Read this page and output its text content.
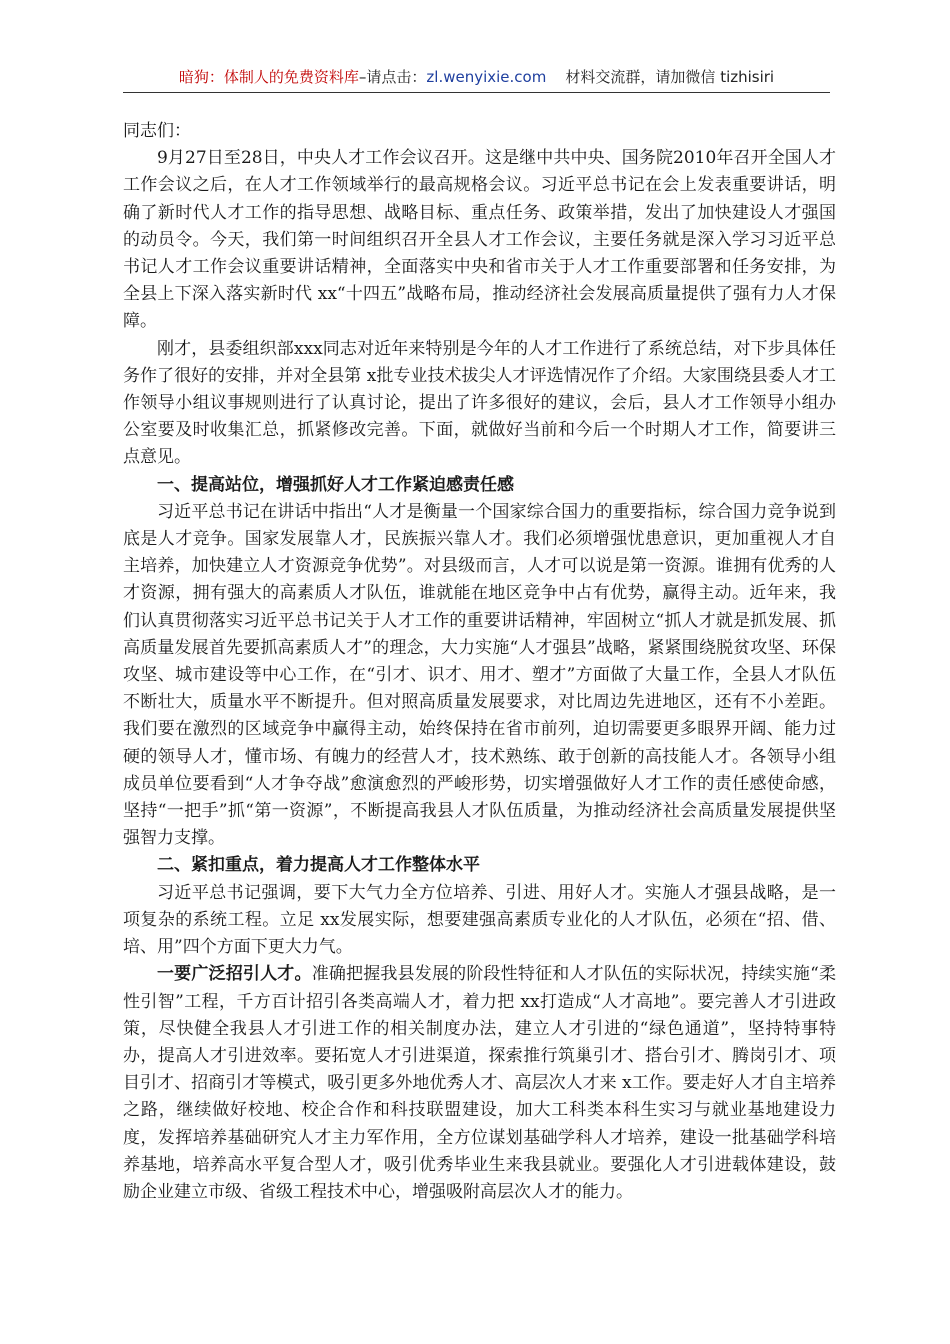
暗狗：体制人的免费资料库–请点击：zl.wenyixie.com 材料交流群，请加微信 tizhisiri

同志们：

9月27日至28日，中央人才工作会议召开。这是继中共中央、国务院2010年召开全国人才工作会议之后，在人才工作领域举行的最高规格会议。习近平总书记在会上发表重要讲话，明确了新时代人才工作的指导思想、战略目标、重点任务、政策举措，发出了加快建设人才强国的动员令。今天，我们第一时间组织召开全县人才工作会议，主要任务就是深入学习习近平总书记人才工作会议重要讲话精神，全面落实中央和省市关于人才工作重要部署和任务安排，为全县上下深入落实新时代 xx“十四五”战略布局，推动经济社会发展高质量提供了强有力人才保障。

刚才，县委组织部xxx同志对近年来特别是今年的人才工作进行了系统总结，对下步具体任务作了很好的安排，并对全县第 x批专业技术拔尖人才评选情况作了介绍。大家围绕县委人才工作领导小组议事规则进行了认真讨论，提出了许多很好的建议，会后，县人才工作领导小组办公室要及时收集汇总，抓紧修改完善。下面，就做好当前和今后一个时期人才工作，简要讲三点意见。

一、提高站位，增强抓好人才工作紧迫感责任感

习近平总书记在讲话中指出“人才是衡量一个国家综合国力的重要指标，综合国力竞争说到底是人才竞争。国家发展靠人才，民族振兴靠人才。我们必须增强忧患意识，更加重视人才自主培养，加快建立人才资源竞争优势”。对县级而言，人才可以说是第一资源。谁拥有优秀的人才资源，拥有强大的高素质人才队伍，谁就能在地区竞争中占有优势，赢得主动。近年来，我们认真贯彻落实习近平总书记关于人才工作的重要讲话精神，牢固树立“抓人才就是抓发展、抓高质量发展首先要抓高素质人才”的理念，大力实施“人才强县”战略，紧紧围绕脱贫攻坚、环保攻坚、城市建设等中心工作，在“引才、识才、用才、塑才”方面做了大量工作，全县人才队伍不断壮大，质量水平不断提升。但对照高质量发展要求，对比周边先进地区，还有不小差距。我们要在激烈的区域竞争中赢得主动，始终保持在省市前列，迫切需要更多眼界开阔、能力过硬的领导人才，懂市场、有魄力的经营人才，技术熟练、敢于创新的高技能人才。各领导小组成员单位要看到“人才争夺战”愈演愈烈的严峻形势，切实增强做好人才工作的责任感使命感，坚持“一把手”抓“第一资源”，不断提高我县人才队伍质量，为推动经济社会高质量发展提供坚强智力支撑。

二、紧扣重点，着力提高人才工作整体水平

习近平总书记强调，要下大气力全方位培养、引进、用好人才。实施人才强县战略，是一项复杂的系统工程。立足 xx发展实际，想要建强高素质专业化的人才队伍，必须在“招、借、培、用”四个方面下更大力气。

一要广泛招引人才。准确把握我县发展的阶段性特征和人才队伍的实际状况，持续实施“柔性引智”工程，千方百计招引各类高端人才，着力把 xx打造成“人才高地”。要完善人才引进政策，尽快健全我县人才引进工作的相关制度办法，建立人才引进的“绿色通道”，坚持特事特办，提高人才引进效率。要拓宽人才引进渠道，探索推行筑巢引才、搭台引才、腾岗引才、项目引才、招商引才等模式，吸引更多外地优秀人才、高层次人才来 x工作。要走好人才自主培养之路，继续做好校地、校企合作和科技联盟建设，加大工科类本科生实习与就业基地建设力度，发挥培养基础研究人才主力军作用，全方位谋划基础学科人才培养，建设一批基础学科培养基地，培养高水平复合型人才，吸引优秀毕业生来我县就业。要强化人才引进载体建设，鼓励企业建立市级、省级工程技术中心，增强吸附高层次人才的能力。
